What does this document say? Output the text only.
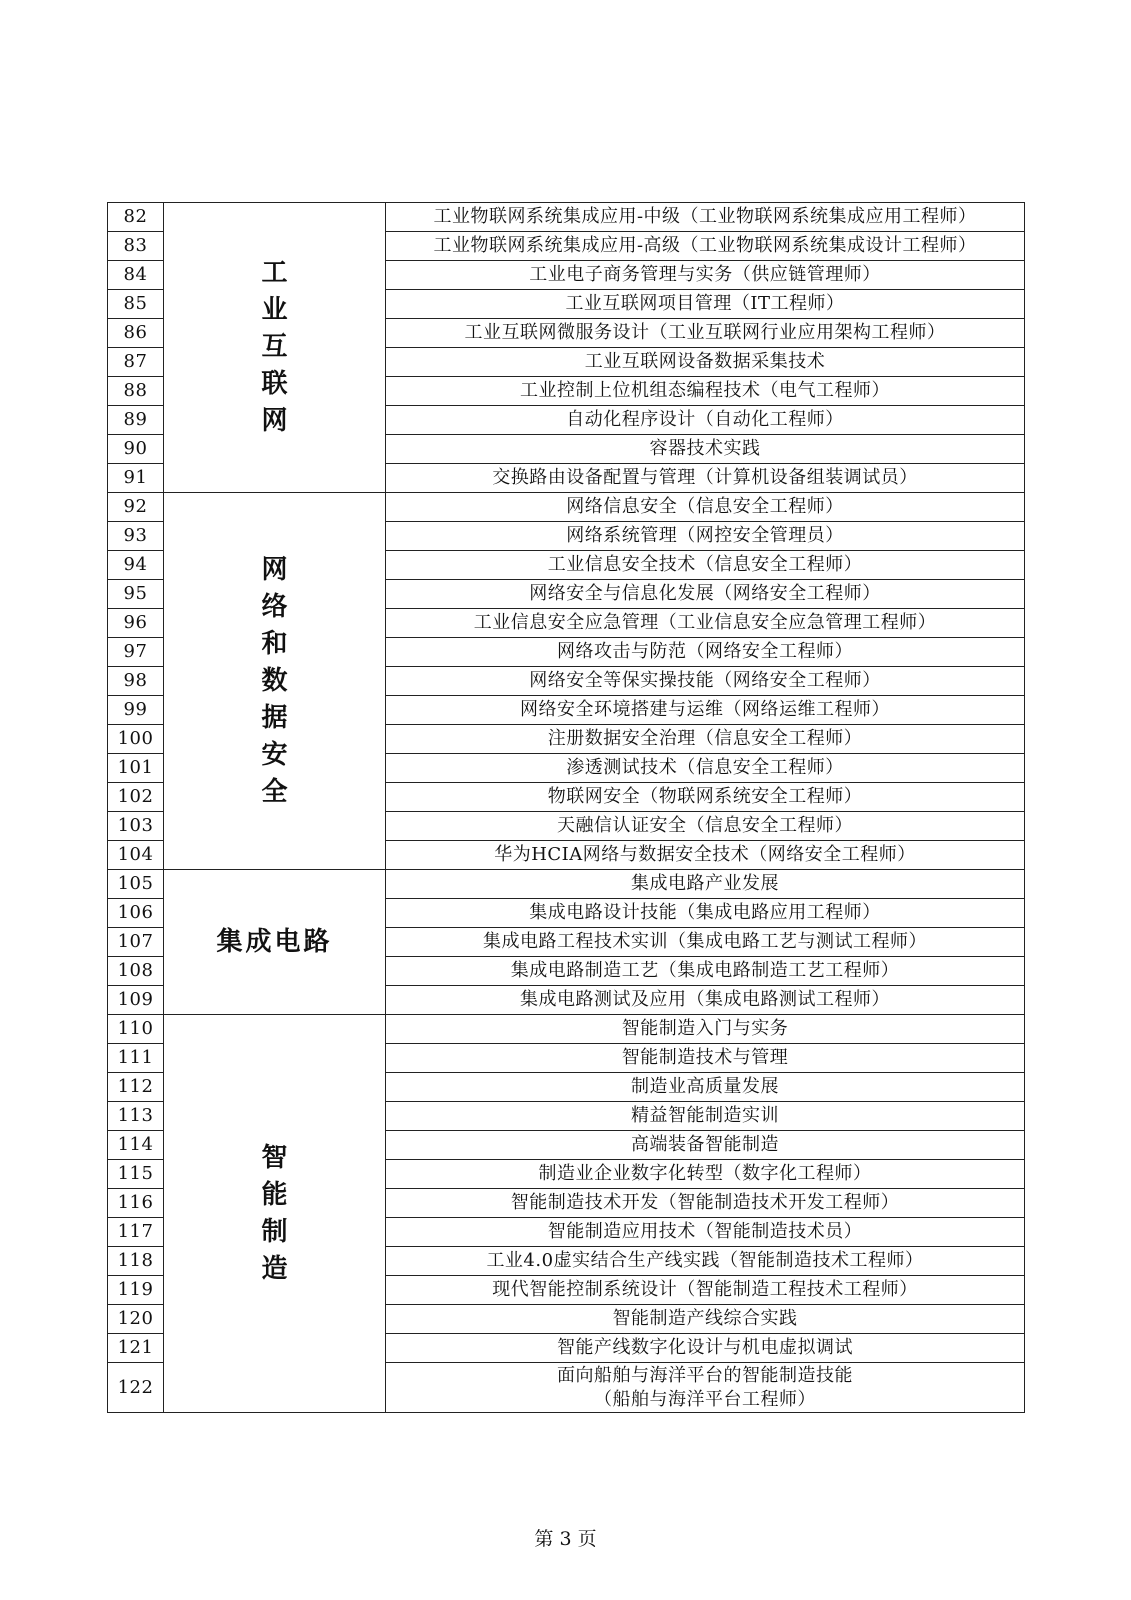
82	工业互联网	工业物联网系统集成应用-中级（工业物联网系统集成应用工程师）
83		工业物联网系统集成应用-高级（工业物联网系统集成设计工程师）
84		工业电子商务管理与实务（供应链管理师）
85		工业互联网项目管理（IT工程师）
86		工业互联网微服务设计（工业互联网行业应用架构工程师）
87		工业互联网设备数据采集技术
88		工业控制上位机组态编程技术（电气工程师）
89		自动化程序设计（自动化工程师）
90		容器技术实践
91		交换路由设备配置与管理（计算机设备组装调试员）
92	网络和数据安全	网络信息安全（信息安全工程师）
93		网络系统管理（网控安全管理员）
94		工业信息安全技术（信息安全工程师）
95		网络安全与信息化发展（网络安全工程师）
96		工业信息安全应急管理（工业信息安全应急管理工程师）
97		网络攻击与防范（网络安全工程师）
98		网络安全等保实操技能（网络安全工程师）
99		网络安全环境搭建与运维（网络运维工程师）
100		注册数据安全治理（信息安全工程师）
101		渗透测试技术（信息安全工程师）
102		物联网安全（物联网系统安全工程师）
103		天融信认证安全（信息安全工程师）
104		华为HCIA网络与数据安全技术（网络安全工程师）
105	集成电路	集成电路产业发展
106		集成电路设计技能（集成电路应用工程师）
107		集成电路工程技术实训（集成电路工艺与测试工程师）
108		集成电路制造工艺（集成电路制造工艺工程师）
109		集成电路测试及应用（集成电路测试工程师）
110	智能制造	智能制造入门与实务
111		智能制造技术与管理
112		制造业高质量发展
113		精益智能制造实训
114		高端装备智能制造
115		制造业企业数字化转型（数字化工程师）
116		智能制造技术开发（智能制造技术开发工程师）
117		智能制造应用技术（智能制造技术员）
118		工业4.0虚实结合生产线实践（智能制造技术工程师）
119		现代智能控制系统设计（智能制造工程技术工程师）
120		智能制造产线综合实践
121		智能产线数字化设计与机电虚拟调试
122		面向船舶与海洋平台的智能制造技能
（船舶与海洋平台工程师）
第 3 页
